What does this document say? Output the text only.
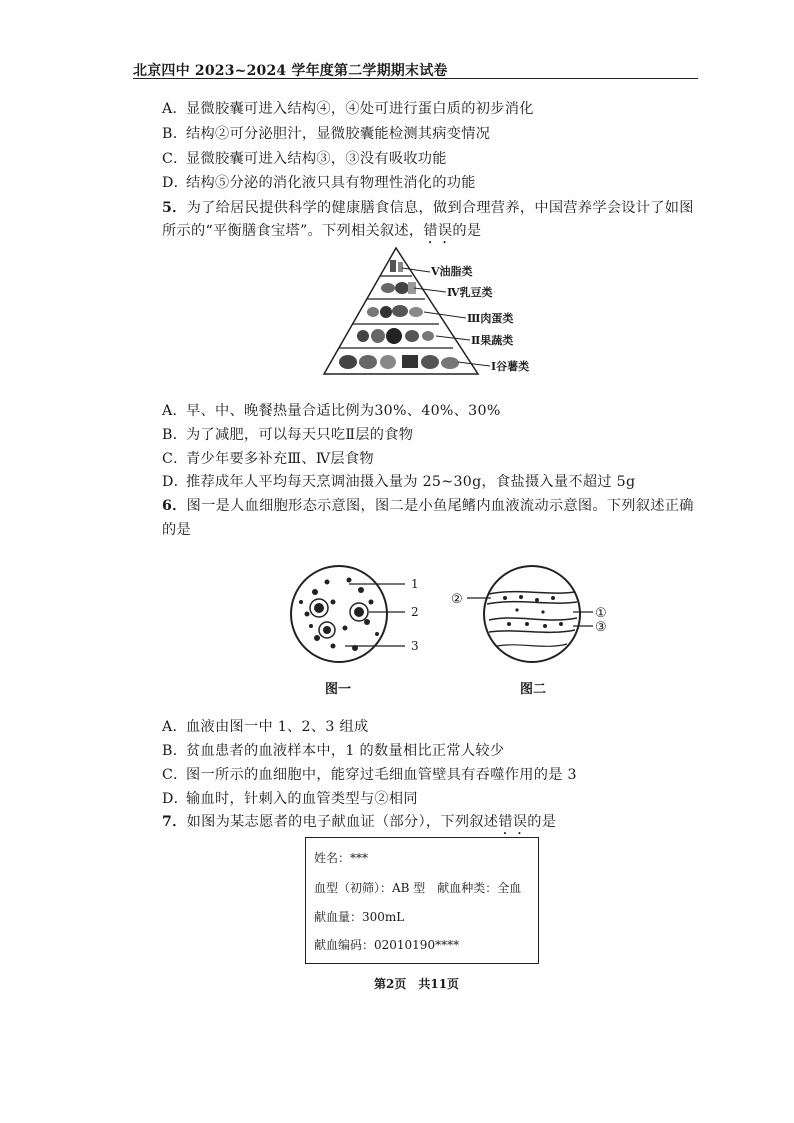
北京四中 2023~2024 学年度第二学期期末试卷
A．显微胶囊可进入结构④，④处可进行蛋白质的初步消化
B．结构②可分泌胆汁，显微胶囊能检测其病变情况
C．显微胶囊可进入结构③，③没有吸收功能
D．结构⑤分泌的消化液只具有物理性消化的功能
5．为了给居民提供科学的健康膳食信息，做到合理营养，中国营养学会设计了如图
所示的“平衡膳食宝塔”。下列相关叙述，错误的是
V油脂类
Ⅳ乳豆类
Ⅲ肉蛋类
Ⅱ果蔬类
Ⅰ谷薯类
A．早、中、晚餐热量合适比例为30%、40%、30%
B．为了减肥，可以每天只吃Ⅱ层的食物
C．青少年要多补充Ⅲ、Ⅳ层食物
D．推荐成年人平均每天烹调油摄入量为 25~30g，食盐摄入量不超过 5g
6．图一是人血细胞形态示意图，图二是小鱼尾鳍内血液流动示意图。下列叙述正确
的是
1
2
3
图一
②
①
③
图二
A．血液由图一中 1、2、3 组成
B．贫血患者的血液样本中，1 的数量相比正常人较少
C．图一所示的血细胞中，能穿过毛细血管壁具有吞噬作用的是 3
D．输血时，针刺入的血管类型与②相同
7．如图为某志愿者的电子献血证（部分），下列叙述错误的是
姓名：***
血型（初筛）：AB 型　献血种类：全血
献血量：300mL
献血编码：02010190****
第2页　共11页
